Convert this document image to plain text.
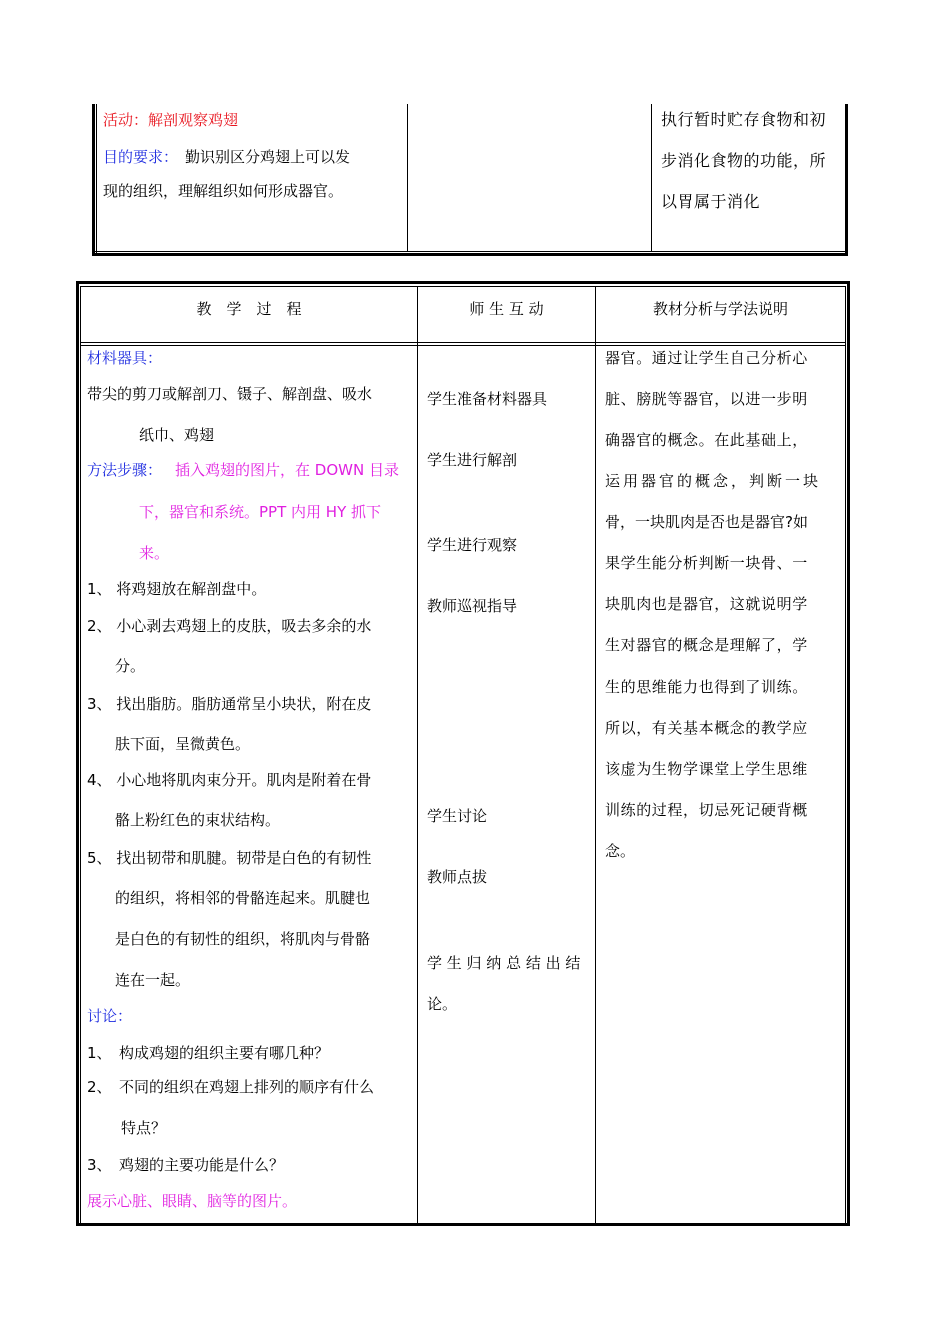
活动：解剖观察鸡翅
目的要求： 勤识别区分鸡翅上可以发
现的组织，理解组织如何形成器官。
执行暂时贮存食物和初
步消化食物的功能，所
以胃属于消化
教　学　过　程	师 生 互 动	教材分析与学法说明
材料器具：
带尖的剪刀或解剖刀、镊子、解剖盘、吸水
纸巾、鸡翅
方法步骤： 插入鸡翅的图片，在 DOWN 目录
下，器官和系统。PPT 内用 HY 抓下
来。
1、 将鸡翅放在解剖盘中。
2、 小心剥去鸡翅上的皮肤，吸去多余的水
分。
3、 找出脂肪。脂肪通常呈小块状，附在皮
肤下面，呈微黄色。
4、 小心地将肌肉束分开。肌肉是附着在骨
骼上粉红色的束状结构。
5、 找出韧带和肌腱。韧带是白色的有韧性
的组织，将相邻的骨骼连起来。肌腱也
是白色的有韧性的组织，将肌肉与骨骼
连在一起。
讨论：
1、　构成鸡翅的组织主要有哪几种？
2、　不同的组织在鸡翅上排列的顺序有什么
特点？
3、　鸡翅的主要功能是什么？
展示心脏、眼睛、脑等的图片。
学生准备材料器具
学生进行解剖
学生进行观察
教师巡视指导
学生讨论
教师点拔
学 生 归 纳 总 结 出 结
论。
器官。通过让学生自己分析心
脏、膀胱等器官，以进一步明
确器官的概念。在此基础上，
运用器官的概念，判断一块
骨，一块肌肉是否也是器官?如
果学生能分析判断一块骨、一
块肌肉也是器官，这就说明学
生对器官的概念是理解了，学
生的思维能力也得到了训练。
所以，有关基本概念的教学应
该虚为生物学课堂上学生思维
训练的过程，切忌死记硬背概
念。
